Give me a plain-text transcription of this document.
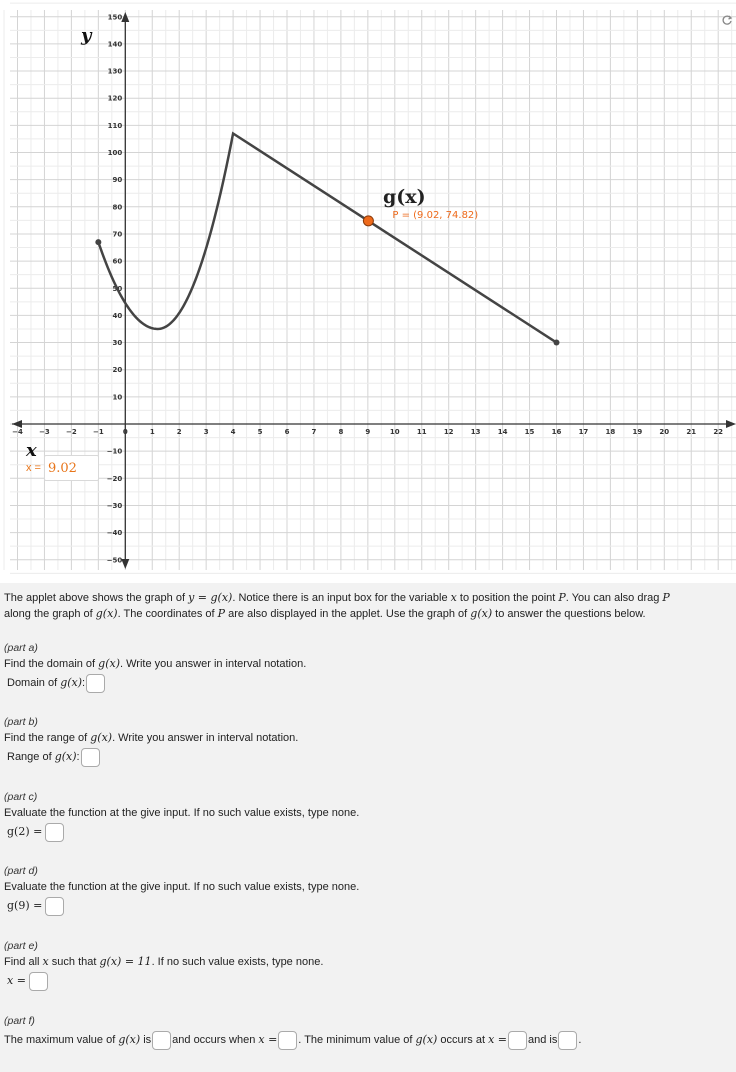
−4 −3 −2 −1	0	1	2	3	4	5	6	7	8	9	10 11 12 13 14 15 16 17 18 19 20 21 22
150
140
130
120
110
100
90
80
70
60
50
40
30
20
10
−10
−20
−30
−40
−50
P = (9.02, 74.82)
g(x)
y
x
x =
9.02
The applet above shows the graph of y = g(x). Notice there is an input box for the variable x to position the point P. You can also drag P
along the graph of g(x). The coordinates of P are also displayed in the applet. Use the graph of g(x) to answer the questions below.
(part a)
Find the domain of g(x). Write you answer in interval notation.
Domain of g(x) :
(part b)
Find the range of g(x). Write you answer in interval notation.
Range of g(x) :
(part c)
Evaluate the function at the give input. If no such value exists, type none.
g(2) =
(part d)
Evaluate the function at the give input. If no such value exists, type none.
g(9) =
(part e)
Find all x such that g(x) = 11. If no such value exists, type none.
x =
(part f)
The maximum value of g(x) is and occurs when x = . The minimum value of g(x) occurs at x = and is .
